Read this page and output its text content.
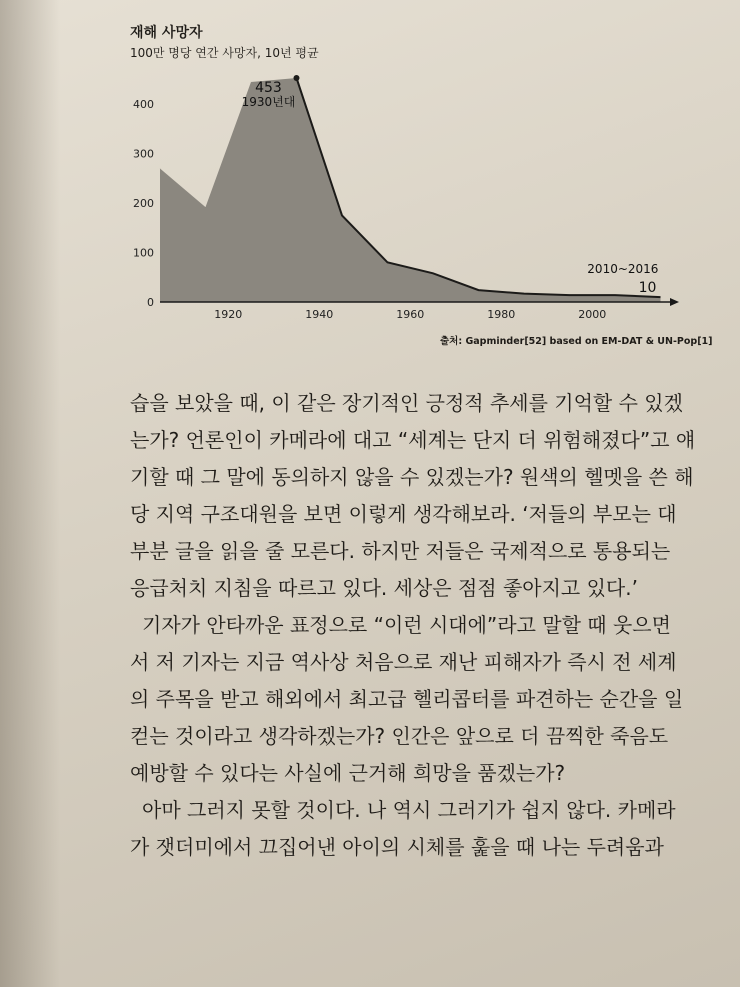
재해 사망자
100만 명당 연간 사망자, 10년 평균
0
100
200
300
400
1920	1940	1960	1980	2000
453
1930년대
2010~2016
10
출처: Gapminder[52] based on EM-DAT & UN-Pop[1]

습을 보았을 때, 이 같은 장기적인 긍정적 추세를 기억할 수 있겠

는가? 언론인이 카메라에 대고 “세계는 단지 더 위험해졌다”고 얘

기할 때 그 말에 동의하지 않을 수 있겠는가? 원색의 헬멧을 쓴 해

당 지역 구조대원을 보면 이렇게 생각해보라. ‘저들의 부모는 대

부분 글을 읽을 줄 모른다. 하지만 저들은 국제적으로 통용되는

응급처치 지침을 따르고 있다. 세상은 점점 좋아지고 있다.’

기자가 안타까운 표정으로 “이런 시대에”라고 말할 때 웃으면

서 저 기자는 지금 역사상 처음으로 재난 피해자가 즉시 전 세계

의 주목을 받고 해외에서 최고급 헬리콥터를 파견하는 순간을 일

컫는 것이라고 생각하겠는가? 인간은 앞으로 더 끔찍한 죽음도

예방할 수 있다는 사실에 근거해 희망을 품겠는가?

아마 그러지 못할 것이다. 나 역시 그러기가 쉽지 않다. 카메라

가 잿더미에서 끄집어낸 아이의 시체를 훑을 때 나는 두려움과
